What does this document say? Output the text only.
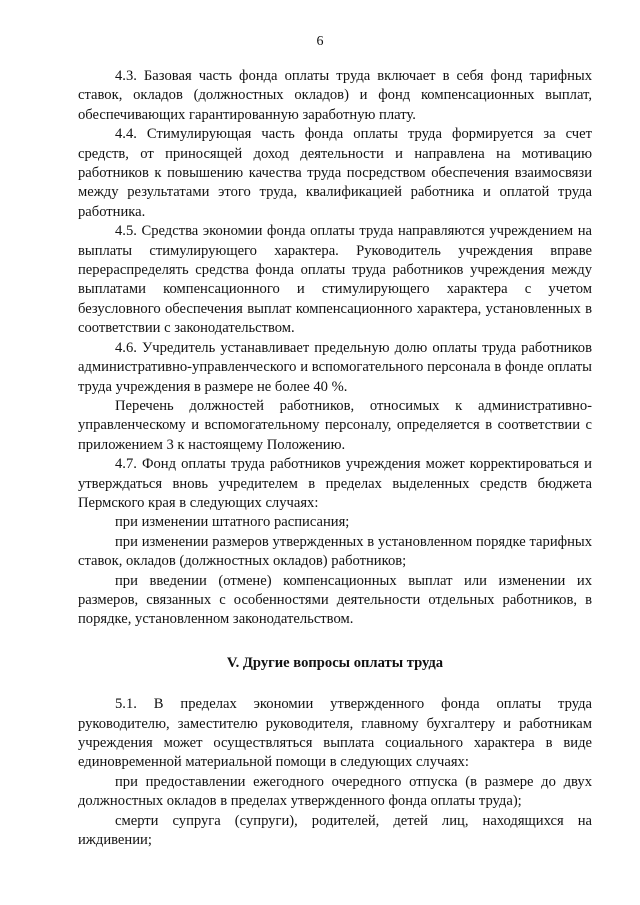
6

4.3. Базовая часть фонда оплаты труда включает в себя фонд тарифных ставок, окладов (должностных окладов) и фонд компенсационных выплат, обеспечивающих гарантированную заработную плату.

4.4. Стимулирующая часть фонда оплаты труда формируется за счет средств, от приносящей доход деятельности и направлена на мотивацию работников к повышению качества труда посредством обеспечения взаимосвязи между результатами этого труда, квалификацией работника и оплатой труда работника.

4.5. Средства экономии фонда оплаты труда направляются учреждением на выплаты стимулирующего характера. Руководитель учреждения вправе перераспределять средства фонда оплаты труда работников учреждения между выплатами компенсационного и стимулирующего характера с учетом безусловного обеспечения выплат компенсационного характера, установленных в соответствии с законодательством.

4.6. Учредитель устанавливает предельную долю оплаты труда работников административно-управленческого и вспомогательного персонала в фонде оплаты труда учреждения в размере не более 40 %.

Перечень должностей работников, относимых к административно-управленческому и вспомогательному персоналу, определяется в соответствии с приложением 3 к настоящему Положению.

4.7. Фонд оплаты труда работников учреждения может корректироваться и утверждаться вновь учредителем в пределах выделенных средств бюджета Пермского края в следующих случаях:

при изменении штатного расписания;

при изменении размеров утвержденных в установленном порядке тарифных ставок, окладов (должностных окладов) работников;

при введении (отмене) компенсационных выплат или изменении их размеров, связанных с особенностями деятельности отдельных работников, в порядке, установленном законодательством.

V. Другие вопросы оплаты труда

5.1. В пределах экономии утвержденного фонда оплаты труда руководителю, заместителю руководителя, главному бухгалтеру и работникам учреждения может осуществляться выплата социального характера в виде единовременной материальной помощи в следующих случаях:

при предоставлении ежегодного очередного отпуска (в размере до двух должностных окладов в пределах утвержденного фонда оплаты труда);

смерти супруга (супруги), родителей, детей лиц, находящихся на иждивении;
